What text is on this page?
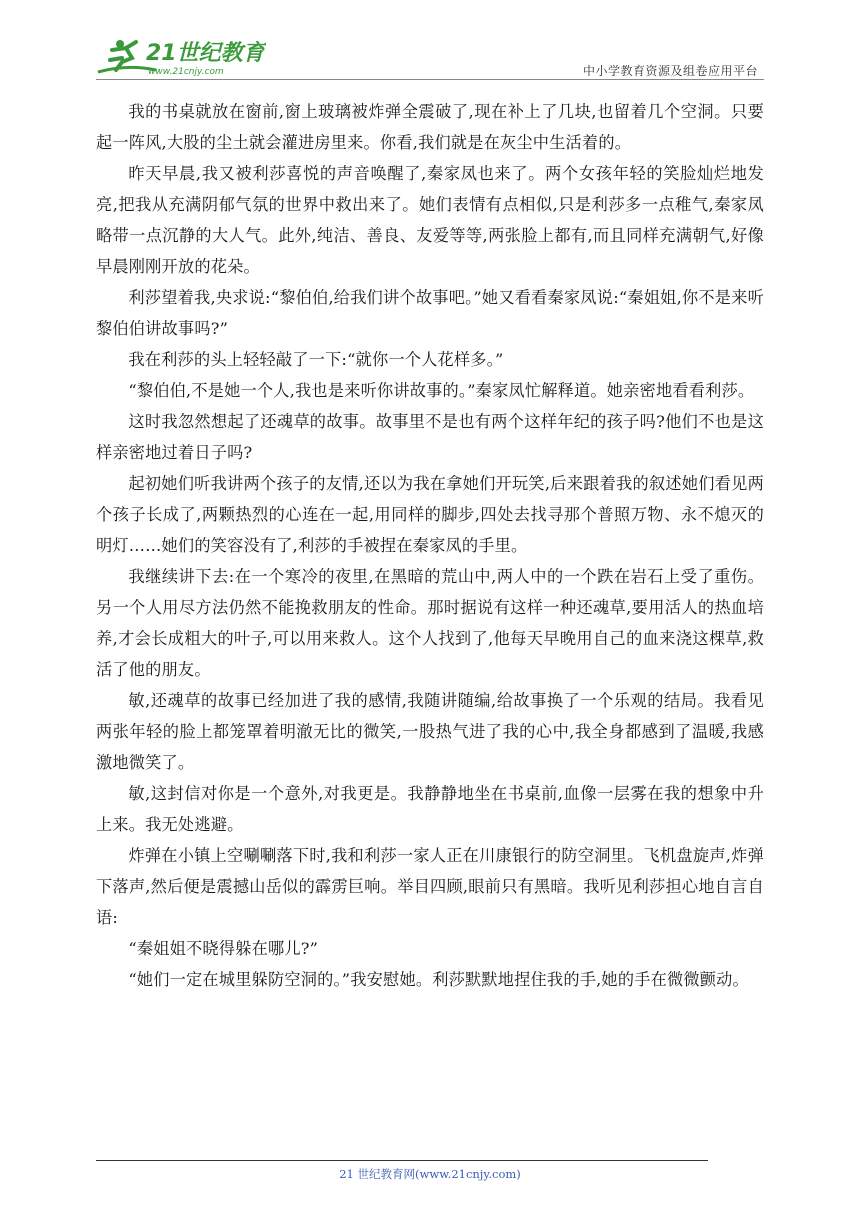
21世纪教育
www.21cnjy.com	中小学教育资源及组卷应用平台

我的书桌就放在窗前,窗上玻璃被炸弹全震破了,现在补上了几块,也留着几个空洞。只要起一阵风,大股的尘土就会灌进房里来。你看,我们就是在灰尘中生活着的。

昨天早晨,我又被利莎喜悦的声音唤醒了,秦家凤也来了。两个女孩年轻的笑脸灿烂地发亮,把我从充满阴郁气氛的世界中救出来了。她们表情有点相似,只是利莎多一点稚气,秦家凤略带一点沉静的大人气。此外,纯洁、善良、友爱等等,两张脸上都有,而且同样充满朝气,好像早晨刚刚开放的花朵。

利莎望着我,央求说:“黎伯伯,给我们讲个故事吧。”她又看看秦家凤说:“秦姐姐,你不是来听黎伯伯讲故事吗?”

我在利莎的头上轻轻敲了一下:“就你一个人花样多。”

“黎伯伯,不是她一个人,我也是来听你讲故事的。”秦家凤忙解释道。她亲密地看看利莎。

这时我忽然想起了还魂草的故事。故事里不是也有两个这样年纪的孩子吗?他们不也是这样亲密地过着日子吗?

起初她们听我讲两个孩子的友情,还以为我在拿她们开玩笑,后来跟着我的叙述她们看见两个孩子长成了,两颗热烈的心连在一起,用同样的脚步,四处去找寻那个普照万物、永不熄灭的明灯……她们的笑容没有了,利莎的手被捏在秦家凤的手里。

我继续讲下去:在一个寒冷的夜里,在黑暗的荒山中,两人中的一个跌在岩石上受了重伤。另一个人用尽方法仍然不能挽救朋友的性命。那时据说有这样一种还魂草,要用活人的热血培养,才会长成粗大的叶子,可以用来救人。这个人找到了,他每天早晚用自己的血来浇这棵草,救活了他的朋友。

敏,还魂草的故事已经加进了我的感情,我随讲随编,给故事换了一个乐观的结局。我看见两张年轻的脸上都笼罩着明澈无比的微笑,一股热气进了我的心中,我全身都感到了温暖,我感激地微笑了。

敏,这封信对你是一个意外,对我更是。我静静地坐在书桌前,血像一层雾在我的想象中升上来。我无处逃避。

炸弹在小镇上空唰唰落下时,我和利莎一家人正在川康银行的防空洞里。飞机盘旋声,炸弹下落声,然后便是震撼山岳似的霹雳巨响。举目四顾,眼前只有黑暗。我听见利莎担心地自言自语:

“秦姐姐不晓得躲在哪儿?”

“她们一定在城里躲防空洞的。”我安慰她。利莎默默地捏住我的手,她的手在微微颤动。

21 世纪教育网(www.21cnjy.com)
